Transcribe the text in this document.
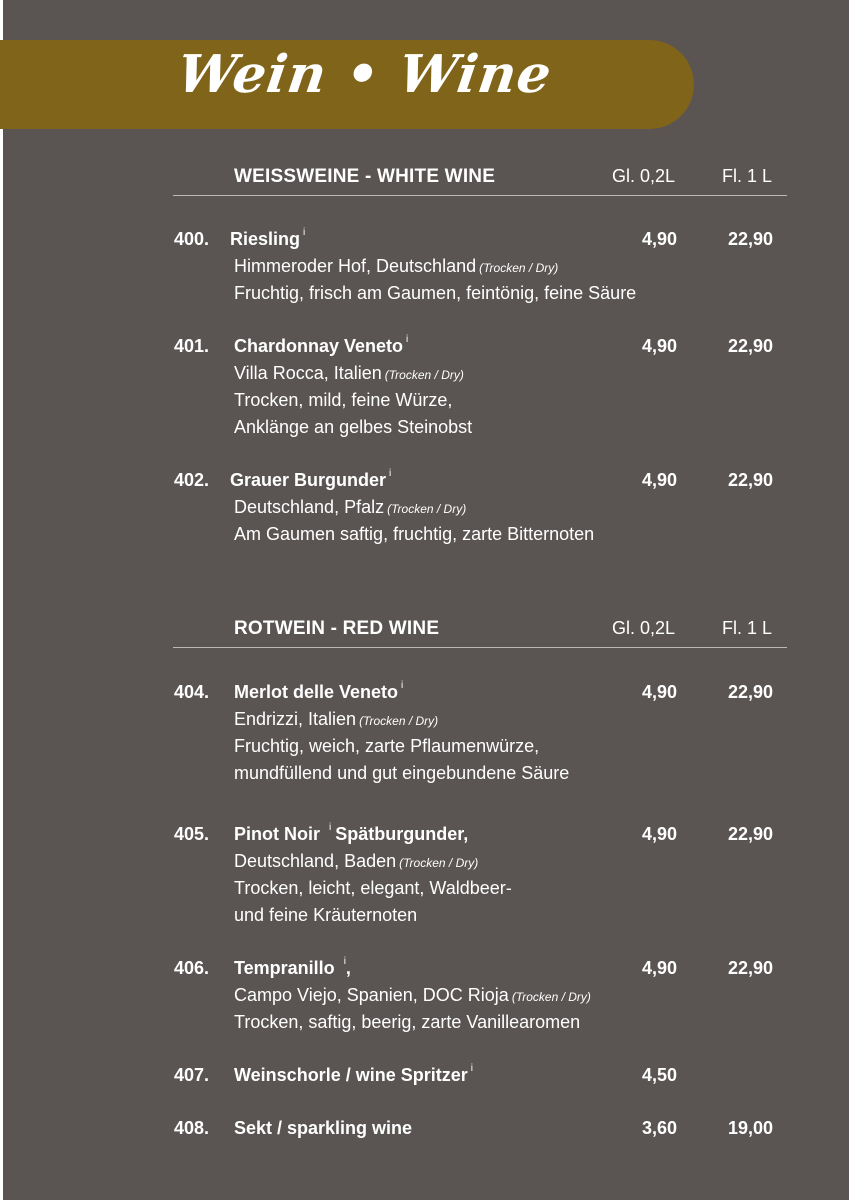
Wein • Wine
WEISSWEINE - WHITE WINE	Gl. 0,2L	Fl. 1 L
400. Riesling $^i$	4,90	22,90
Himmeroder Hof, Deutschland (Trocken / Dry)
Fruchtig, frisch am Gaumen, feintönig, feine Säure
401. Chardonnay Veneto $^i$	4,90	22,90
Villa Rocca, Italien (Trocken / Dry)
Trocken, mild, feine Würze,
Anklänge an gelbes Steinobst
402. Grauer Burgunder $^i$	4,90	22,90
Deutschland, Pfalz (Trocken / Dry)
Am Gaumen saftig, fruchtig, zarte Bitternoten
ROTWEIN - RED WINE	Gl. 0,2L	Fl. 1 L
404. Merlot delle Veneto $^i$	4,90	22,90
Endrizzi, Italien (Trocken / Dry)
Fruchtig, weich, zarte Pflaumenwürze,
mundfüllend und gut eingebundene Säure
405. Pinot Noir $^i$ Spätburgunder,	4,90	22,90
Deutschland, Baden (Trocken / Dry)
Trocken, leicht, elegant, Waldbeer-
und feine Kräuternoten
406. Tempranillo $^i$,	4,90	22,90
Campo Viejo, Spanien, DOC Rioja (Trocken / Dry)
Trocken, saftig, beerig, zarte Vanillearomen
407. Weinschorle / wine Spritzer $^i$	4,50
408. Sekt / sparkling wine	3,60	19,00
